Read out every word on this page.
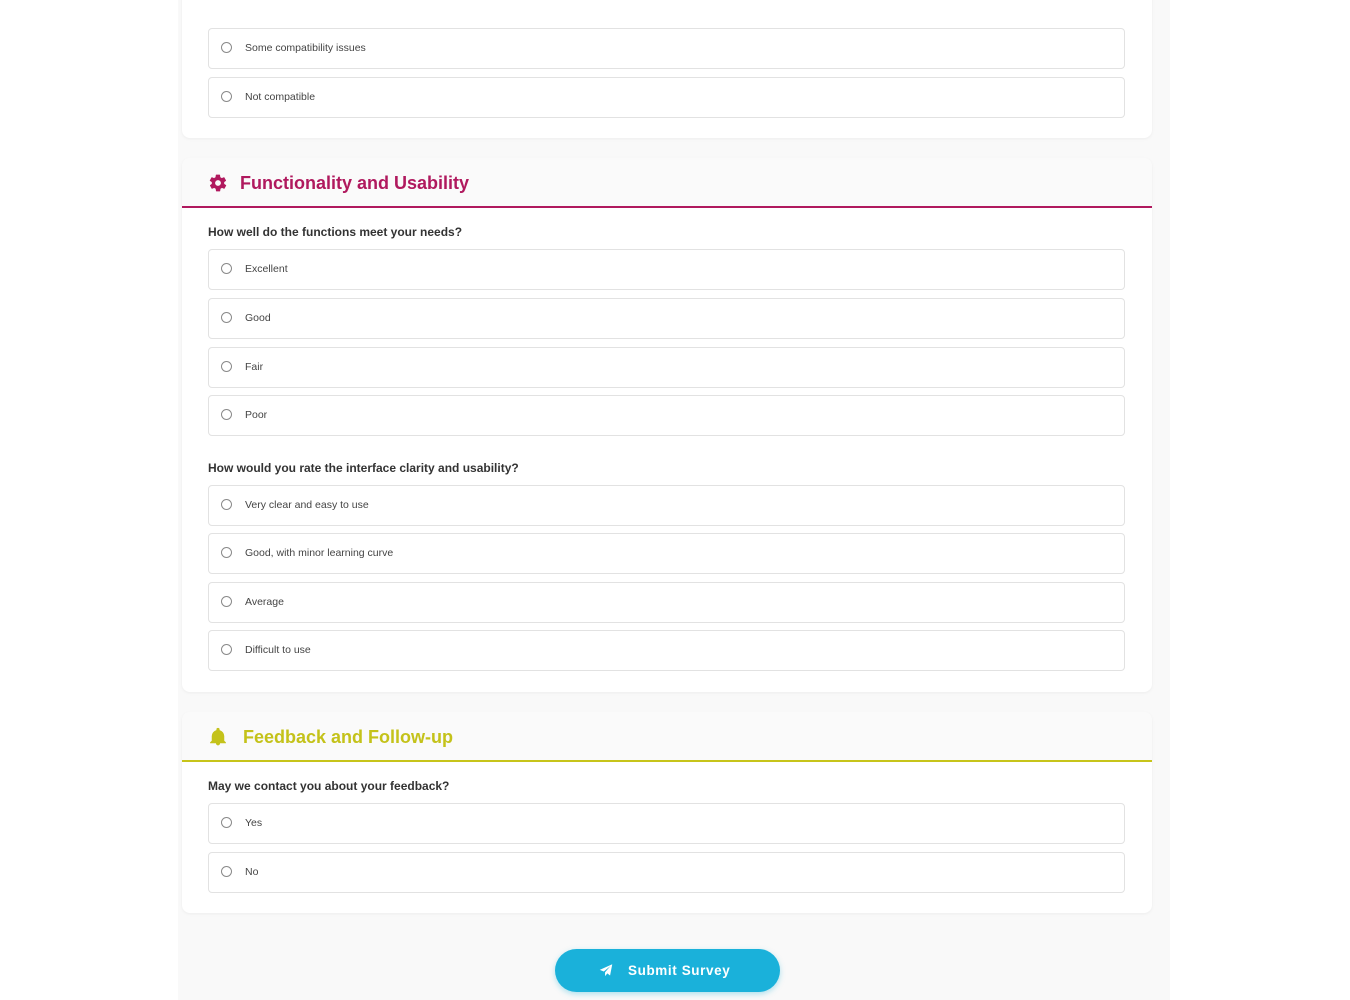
Some compatibility issues
Not compatible
Functionality and Usability
How well do the functions meet your needs?
Excellent
Good
Fair
Poor
How would you rate the interface clarity and usability?
Very clear and easy to use
Good, with minor learning curve
Average
Difficult to use
Feedback and Follow-up
May we contact you about your feedback?
Yes
No
Submit Survey
